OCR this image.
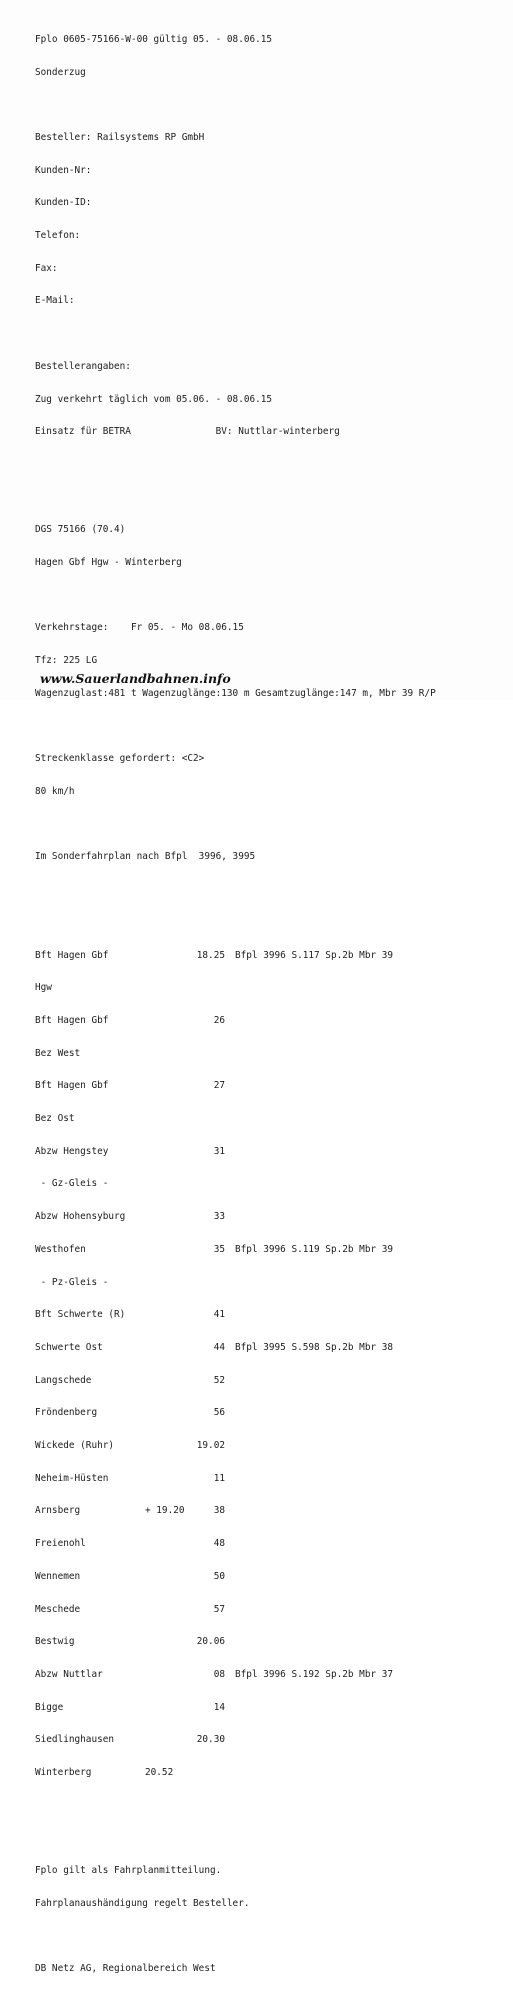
Fplo 0605-75166-W-00 gültig 05. - 08.06.15

Sonderzug

Besteller: Railsystems RP GmbH

Kunden-Nr:

Kunden-ID:

Telefon:

Fax:

E-Mail:

Bestellerangaben:

Zug verkehrt täglich vom 05.06. - 08.06.15

Einsatz für BETRA               BV: Nuttlar-winterberg

DGS 75166 (70.4)

Hagen Gbf Hgw - Winterberg

Verkehrstage:    Fr 05. - Mo 08.06.15

Tfz: 225 LG

Wagenzuglast:481 t Wagenzuglänge:130 m Gesamtzuglänge:147 m, Mbr 39 R/P

Streckenklasse gefordert: <C2>

80 km/h

Im Sonderfahrplan nach Bfpl  3996, 3995

Bft Hagen Gbf	18.25 Bfpl 3996 S.117 Sp.2b Mbr 39

Hgw

Bft Hagen Gbf	26

Bez West

Bft Hagen Gbf	27

Bez Ost

Abzw Hengstey	31

- Gz-Gleis -

Abzw Hohensyburg	33

Westhofen	35 Bfpl 3996 S.119 Sp.2b Mbr 39

- Pz-Gleis -

Bft Schwerte (R)	41

Schwerte Ost	44 Bfpl 3995 S.598 Sp.2b Mbr 38

Langschede	52

Fröndenberg	56

Wickede (Ruhr)	19.02

Neheim-Hüsten	11

Arnsberg	+ 19.20	38

Freienohl	48

Wennemen	50

Meschede	57

Bestwig	20.06

Abzw Nuttlar	08 Bfpl 3996 S.192 Sp.2b Mbr 37

Bigge	14

Siedlinghausen	20.30

Winterberg	20.52

Fplo gilt als Fahrplanmitteilung.

Fahrplanaushändigung regelt Besteller.

DB Netz AG, Regionalbereich West

www.Sauerlandbahnen.info
